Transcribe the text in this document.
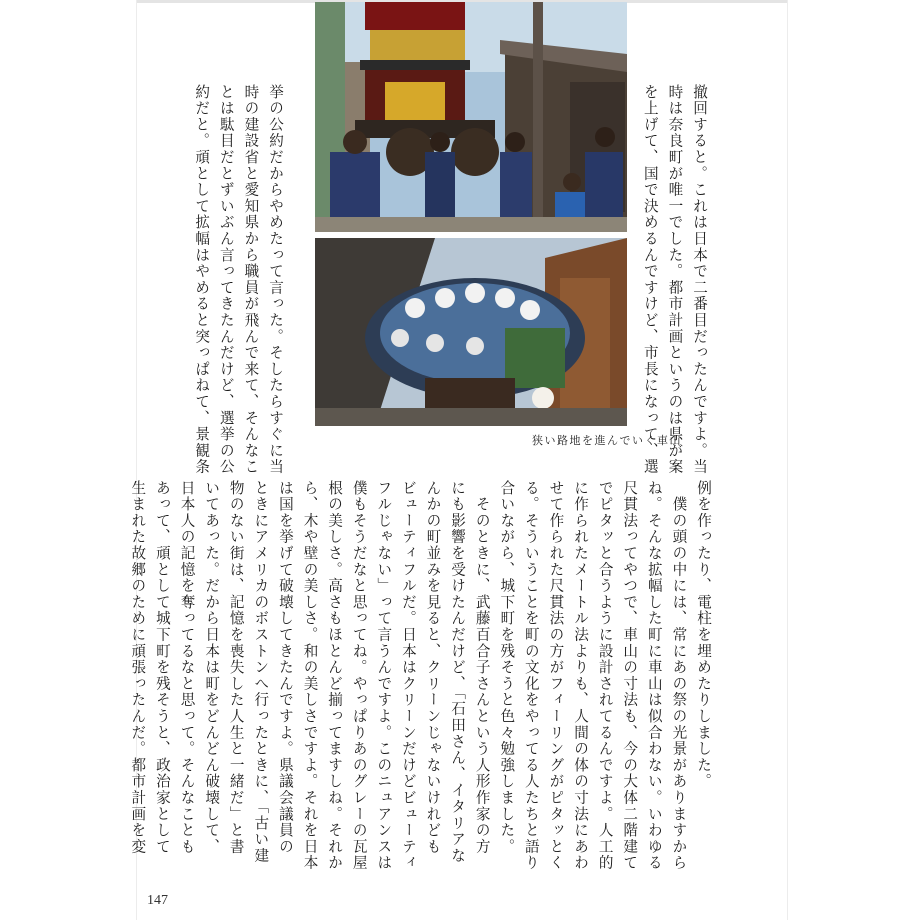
撤回すると。これは日本で二番目だったんですよ。当
時は奈良町が唯一でした。都市計画というのは県が案
を上げて、国で決めるんですけど、市長になって、選
挙の公約だからやめたって言った。そしたらすぐに当
時の建設省と愛知県から職員が飛んで来て、そんなこ
とは駄目だとずいぶん言ってきたんだけど、選挙の公
約だと。頑として拡幅はやめると突っぱねて、景観条	狭い路地を進んでいく車山
例を作ったり、電柱を埋めたりしました。
　僕の頭の中には、常にあの祭の光景がありますから
ね。そんな拡幅した町に車山は似合わない。いわゆる
尺貫法ってやつで、車山の寸法も、今の大体二階建て
でピタッと合うように設計されてるんですよ。人工的
に作られたメートル法よりも、人間の体の寸法にあわ
せて作られた尺貫法の方がフィーリングがピタッとく
る。そういうことを町の文化をやってる人たちと語り
合いながら、城下町を残そうと色々勉強しました。
　そのときに、武藤百合子さんという人形作家の方
にも影響を受けたんだけど、「石田さん、イタリアな
んかの町並みを見ると、クリーンじゃないけれども
ビューティフルだ。日本はクリーンだけどビューティ
フルじゃない」って言うんですよ。このニュアンスは
僕もそうだなと思ってね。やっぱりあのグレーの瓦屋
根の美しさ。高さもほとんど揃ってますしね。それか
ら、木や壁の美しさ。和の美しさですよ。それを日本
は国を挙げて破壊してきたんですよ。県議会議員の
ときにアメリカのボストンへ行ったときに、「古い建
物のない街は、記憶を喪失した人生と一緒だ」と書
いてあった。だから日本は町をどんどん破壊して、
日本人の記憶を奪ってるなと思って。そんなことも
あって、頑として城下町を残そうと、政治家として
生まれた故郷のために頑張ったんだ。都市計画を変
147
